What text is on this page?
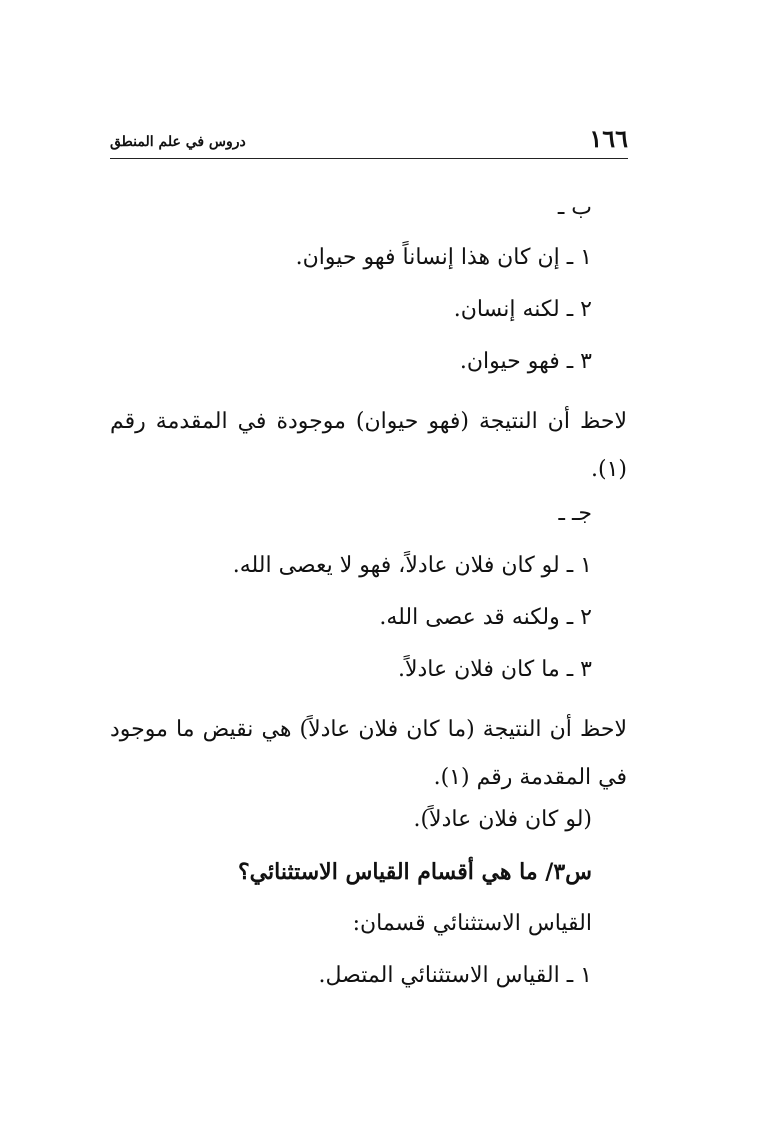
١٦٦
دروس في علم المنطق
ب ـ
١ ـ إن كان هذا إنساناً فهو حيوان.
٢ ـ لكنه إنسان.
٣ ـ فهو حيوان.
لاحظ أن النتيجة (فهو حيوان) موجودة في المقدمة رقم (١).
جـ ـ
١ ـ لو كان فلان عادلاً، فهو لا يعصى الله.
٢ ـ ولكنه قد عصى الله.
٣ ـ ما كان فلان عادلاً.
لاحظ أن النتيجة (ما كان فلان عادلاً) هي نقيض ما موجود في المقدمة رقم (١).
(لو كان فلان عادلاً).
س٣/ ما هي أقسام القياس الاستثنائي؟
القياس الاستثنائي قسمان:
١ ـ القياس الاستثنائي المتصل.
